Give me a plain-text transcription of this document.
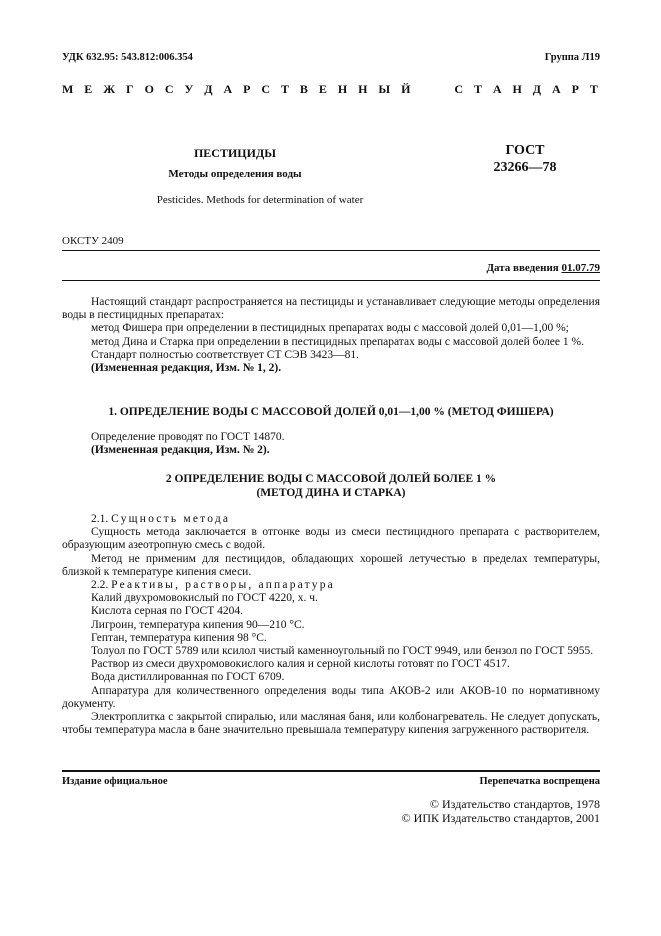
УДК 632.95: 543.812:006.354	Группа Л19
М Е Ж Г О С У Д А Р С Т В Е Н Н Ы Й	С Т А Н Д А Р Т
ПЕСТИЦИДЫ
Методы определения воды
Pesticides. Methods for determination of water
ГОСТ
23266—78
ОКСТУ 2409
Дата введения 01.07.79

Настоящий стандарт распространяется на пестициды и устанавливает следующие методы определения воды в пестицидных препаратах:

метод Фишера при определении в пестицидных препаратах воды с массовой долей 0,01—1,00 %;

метод Дина и Старка при определении в пестицидных препаратах воды с массовой долей более 1 %.

Стандарт полностью соответствует СТ СЭВ 3423—81.

(Измененная редакция, Изм. № 1, 2).

1. ОПРЕДЕЛЕНИЕ ВОДЫ С МАССОВОЙ ДОЛЕЙ 0,01—1,00 % (МЕТОД ФИШЕРА)

Определение проводят по ГОСТ 14870.

(Измененная редакция, Изм. № 2).

2 ОПРЕДЕЛЕНИЕ ВОДЫ С МАССОВОЙ ДОЛЕЙ БОЛЕЕ 1 %
(МЕТОД ДИНА И СТАРКА)

2.1. Сущность метода

Сущность метода заключается в отгонке воды из смеси пестицидного препарата с растворителем, образующим азеотропную смесь с водой.

Метод не применим для пестицидов, обладающих хорошей летучестью в пределах температуры, близкой к температуре кипения смеси.

2.2. Реактивы, растворы, аппаратура

Калий двухромовокислый по ГОСТ 4220, х. ч.

Кислота серная по ГОСТ 4204.

Лигроин, температура кипения 90—210 °С.

Гептан, температура кипения 98 °С.

Толуол по ГОСТ 5789 или ксилол чистый каменноугольный по ГОСТ 9949, или бензол по ГОСТ 5955.

Раствор из смеси двухромовокислого калия и серной кислоты готовят по ГОСТ 4517.

Вода дистиллированная по ГОСТ 6709.

Аппаратура для количественного определения воды типа АКОВ-2 или АКОВ-10 по нормативному документу.

Электроплитка с закрытой спиралью, или масляная баня, или колбонагреватель. Не следует допускать, чтобы температура масла в бане значительно превышала температуру кипения загруженного растворителя.

Издание официальное	Перепечатка воспрещена
© Издательство стандартов, 1978
© ИПК Издательство стандартов, 2001
